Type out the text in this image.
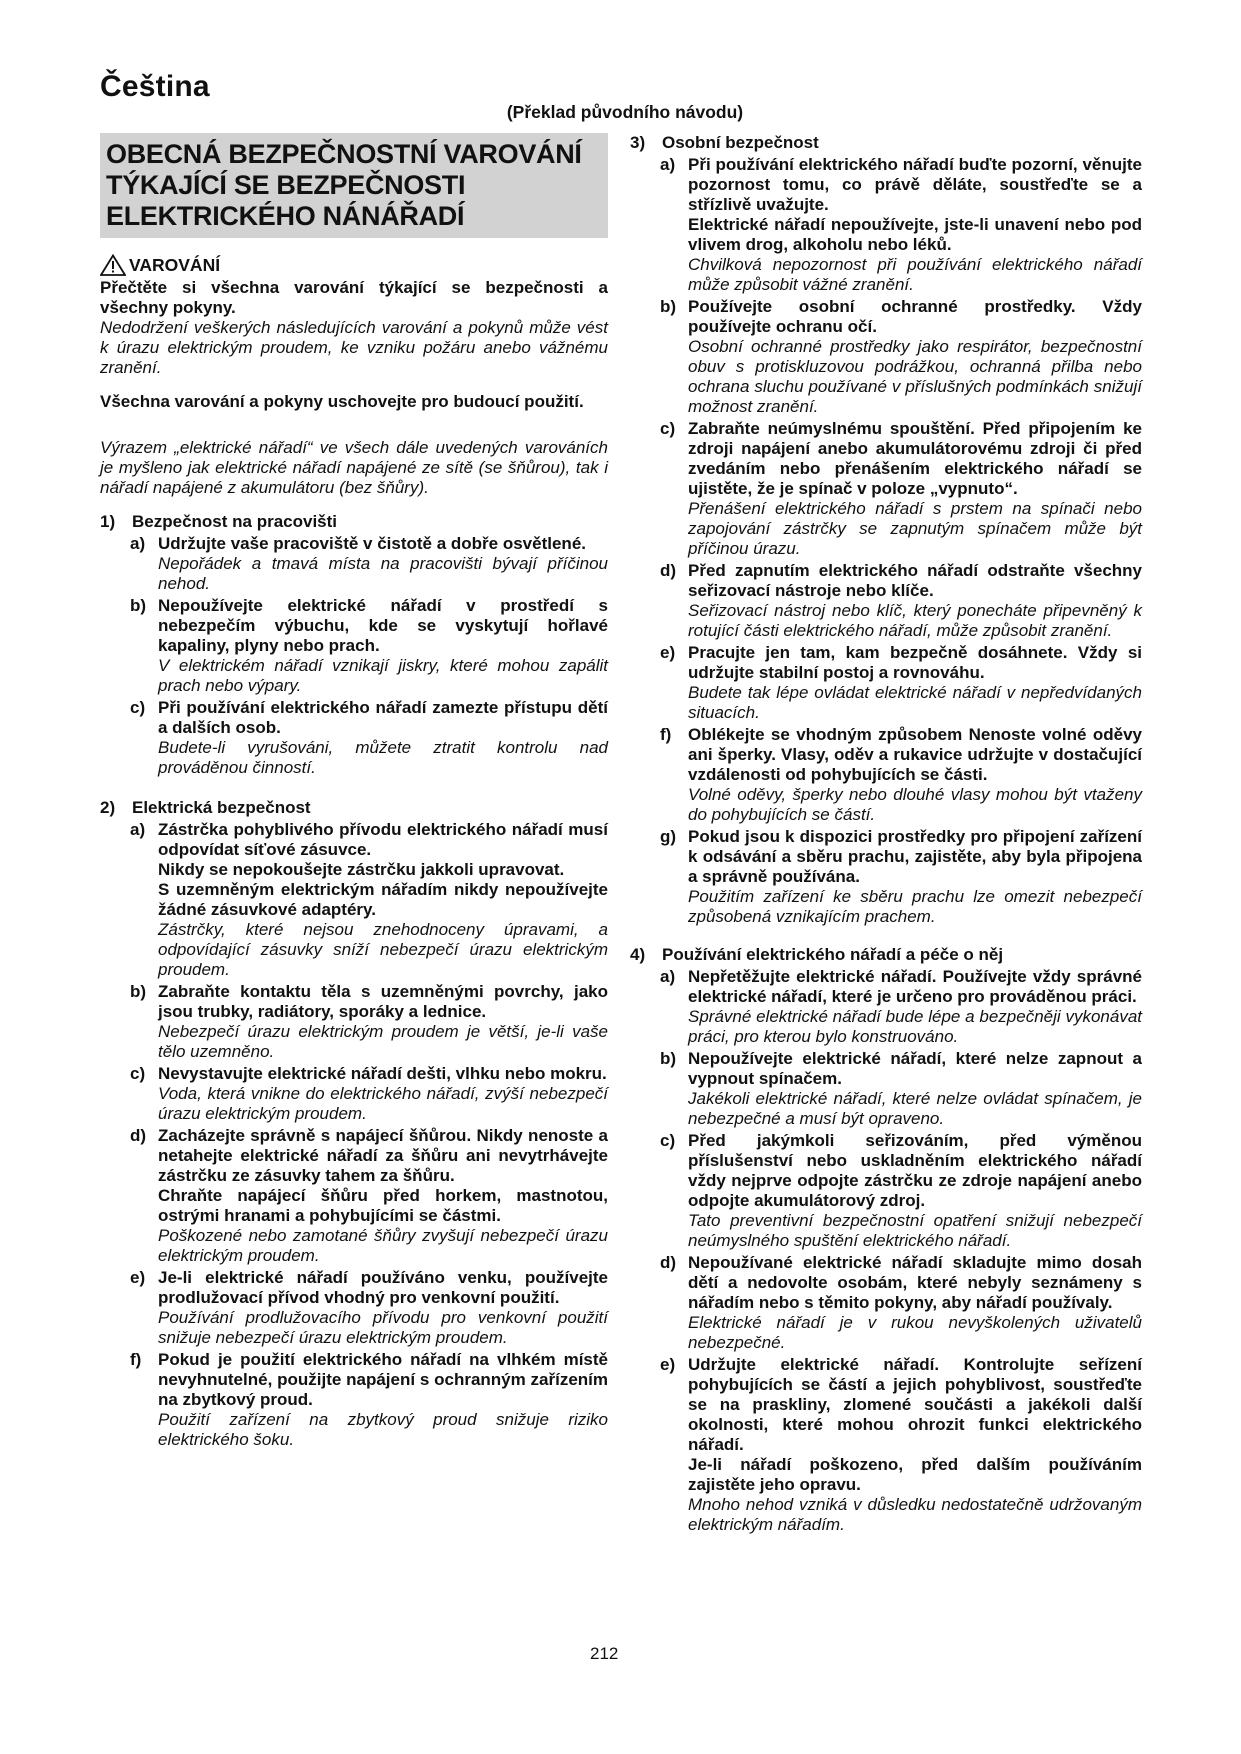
Čeština
(Překlad původního návodu)
OBECNÁ BEZPEČNOSTNÍ VAROVÁNÍ
TÝKAJÍCÍ SE BEZPEČNOSTI
ELEKTRICKÉHO NÁNÁŘADÍ
VAROVÁNÍ
Přečtěte si všechna varování týkající se bezpečnosti a všechny pokyny.
Nedodržení veškerých následujících varování a pokynů může vést k úrazu elektrickým proudem, ke vzniku požáru anebo vážnému zranění.
Všechna varování a pokyny uschovejte pro budoucí použití.
Výrazem „elektrické nářadí“ ve všech dále uvedených varováních je myšleno jak elektrické nářadí napájené ze sítě (se šňůrou), tak i nářadí napájené z akumulátoru (bez šňůry).
1) Bezpečnost na pracovišti
a) Udržujte vaše pracoviště v čistotě a dobře osvětlené.
Nepořádek a tmavá místa na pracovišti bývají příčinou nehod.
b) Nepoužívejte elektrické nářadí v prostředí s nebezpečím výbuchu, kde se vyskytují hořlavé kapaliny, plyny nebo prach.
V elektrickém nářadí vznikají jiskry, které mohou zapálit prach nebo výpary.
c) Při používání elektrického nářadí zamezte přístupu dětí a dalších osob.
Budete-li vyrušováni, můžete ztratit kontrolu nad prováděnou činností.
2) Elektrická bezpečnost
a) Zástrčka pohyblivého přívodu elektrického nářadí musí odpovídat síťové zásuvce.
Nikdy se nepokoušejte zástrčku jakkoli upravovat.
S uzemněným elektrickým nářadím nikdy nepoužívejte žádné zásuvkové adaptéry.
Zástrčky, které nejsou znehodnoceny úpravami, a odpovídající zásuvky sníží nebezpečí úrazu elektrickým proudem.
b) Zabraňte kontaktu těla s uzemněnými povrchy, jako jsou trubky, radiátory, sporáky a lednice.
Nebezpečí úrazu elektrickým proudem je větší, je-li vaše tělo uzemněno.
c) Nevystavujte elektrické nářadí dešti, vlhku nebo mokru.
Voda, která vnikne do elektrického nářadí, zvýší nebezpečí úrazu elektrickým proudem.
d) Zacházejte správně s napájecí šňůrou. Nikdy nenoste a netahejte elektrické nářadí za šňůru ani nevytrhávejte zástrčku ze zásuvky tahem za šňůru.
Chraňte napájecí šňůru před horkem, mastnotou, ostrými hranami a pohybujícími se částmi.
Poškozené nebo zamotané šňůry zvyšují nebezpečí úrazu elektrickým proudem.
e) Je-li elektrické nářadí používáno venku, používejte prodlužovací přívod vhodný pro venkovní použití.
Používání prodlužovacího přívodu pro venkovní použití snižuje nebezpečí úrazu elektrickým proudem.
f) Pokud je použití elektrického nářadí na vlhkém místě nevyhnutelné, použijte napájení s ochranným zařízením na zbytkový proud.
Použití zařízení na zbytkový proud snižuje riziko elektrického šoku.
3) Osobní bezpečnost
a) Při používání elektrického nářadí buďte pozorní, věnujte pozornost tomu, co právě děláte, soustřeďte se a střízlivě uvažujte.
Elektrické nářadí nepoužívejte, jste-li unavení nebo pod vlivem drog, alkoholu nebo léků.
Chvilková nepozornost při používání elektrického nářadí může způsobit vážné zranění.
b) Používejte osobní ochranné prostředky. Vždy používejte ochranu očí.
Osobní ochranné prostředky jako respirátor, bezpečnostní obuv s protiskluzovou podrážkou, ochranná přilba nebo ochrana sluchu používané v příslušných podmínkách snižují možnost zranění.
c) Zabraňte neúmyslnému spouštění. Před připojením ke zdroji napájení anebo akumulátorovému zdroji či před zvedáním nebo přenášením elektrického nářadí se ujistěte, že je spínač v poloze „vypnuto“.
Přenášení elektrického nářadí s prstem na spínači nebo zapojování zástrčky se zapnutým spínačem může být příčinou úrazu.
d) Před zapnutím elektrického nářadí odstraňte všechny seřizovací nástroje nebo klíče.
Seřizovací nástroj nebo klíč, který ponecháte připevněný k rotující části elektrického nářadí, může způsobit zranění.
e) Pracujte jen tam, kam bezpečně dosáhnete. Vždy si udržujte stabilní postoj a rovnováhu.
Budete tak lépe ovládat elektrické nářadí v nepředvídaných situacích.
f) Oblékejte se vhodným způsobem Nenoste volné oděvy ani šperky. Vlasy, oděv a rukavice udržujte v dostačující vzdálenosti od pohybujících se části.
Volné oděvy, šperky nebo dlouhé vlasy mohou být vtaženy do pohybujících se částí.
g) Pokud jsou k dispozici prostředky pro připojení zařízení k odsávání a sběru prachu, zajistěte, aby byla připojena a správně používána.
Použitím zařízení ke sběru prachu lze omezit nebezpečí způsobená vznikajícím prachem.
4) Používání elektrického nářadí a péče o něj
a) Nepřetěžujte elektrické nářadí. Používejte vždy správné elektrické nářadí, které je určeno pro prováděnou práci.
Správné elektrické nářadí bude lépe a bezpečněji vykonávat práci, pro kterou bylo konstruováno.
b) Nepoužívejte elektrické nářadí, které nelze zapnout a vypnout spínačem.
Jakékoli elektrické nářadí, které nelze ovládat spínačem, je nebezpečné a musí být opraveno.
c) Před jakýmkoli seřizováním, před výměnou příslušenství nebo uskladněním elektrického nářadí vždy nejprve odpojte zástrčku ze zdroje napájení anebo odpojte akumulátorový zdroj.
Tato preventivní bezpečnostní opatření snižují nebezpečí neúmyslného spuštění elektrického nářadí.
d) Nepoužívané elektrické nářadí skladujte mimo dosah dětí a nedovolte osobám, které nebyly seznámeny s nářadím nebo s těmito pokyny, aby nářadí používaly.
Elektrické nářadí je v rukou nevyškolených uživatelů nebezpečné.
e) Udržujte elektrické nářadí. Kontrolujte seřízení pohybujících se částí a jejich pohyblivost, soustřeďte se na praskliny, zlomené součásti a jakékoli další okolnosti, které mohou ohrozit funkci elektrického nářadí.
Je-li nářadí poškozeno, před dalším používáním zajistěte jeho opravu.
Mnoho nehod vzniká v důsledku nedostatečně udržovaným elektrickým nářadím.
212
